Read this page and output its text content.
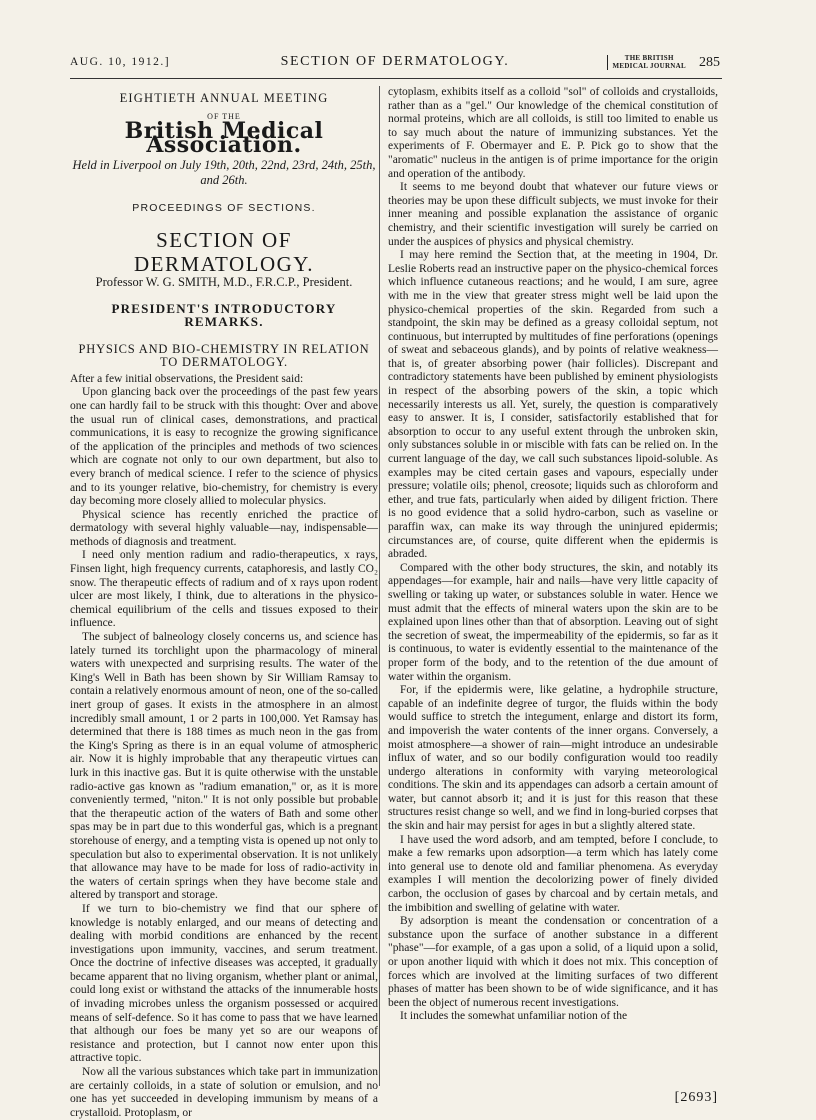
AUG. 10, 1912.]	SECTION OF DERMATOLOGY.	THE BRITISH
MEDICAL JOURNAL 285
EIGHTIETH ANNUAL MEETING
OF THE
British Medical Association.
Held in Liverpool on July 19th, 20th, 22nd, 23rd, 24th, 25th, and 26th.
PROCEEDINGS OF SECTIONS.
SECTION OF DERMATOLOGY.
Professor W. G. SMITH, M.D., F.R.C.P., President.
PRESIDENT'S INTRODUCTORY REMARKS.
PHYSICS AND BIO-CHEMISTRY IN RELATION TO DERMATOLOGY.

After a few initial observations, the President said:

Upon glancing back over the proceedings of the past few years one can hardly fail to be struck with this thought: Over and above the usual run of clinical cases, demonstrations, and practical communications, it is easy to recognize the growing significance of the application of the principles and methods of two sciences which are cognate not only to our own department, but also to every branch of medical science. I refer to the science of physics and to its younger relative, bio-chemistry, for chemistry is every day becoming more closely allied to molecular physics.

Physical science has recently enriched the practice of dermatology with several highly valuable—nay, indispensable—methods of diagnosis and treatment.

I need only mention radium and radio-therapeutics, x rays, Finsen light, high frequency currents, cataphoresis, and lastly CO₂ snow. The therapeutic effects of radium and of x rays upon rodent ulcer are most likely, I think, due to alterations in the physico-chemical equilibrium of the cells and tissues exposed to their influence.

The subject of balneology closely concerns us, and science has lately turned its torchlight upon the pharmacology of mineral waters with unexpected and surprising results. The water of the King's Well in Bath has been shown by Sir William Ramsay to contain a relatively enormous amount of neon, one of the so-called inert group of gases. It exists in the atmosphere in an almost incredibly small amount, 1 or 2 parts in 100,000. Yet Ramsay has determined that there is 188 times as much neon in the gas from the King's Spring as there is in an equal volume of atmospheric air. Now it is highly improbable that any therapeutic virtues can lurk in this inactive gas. But it is quite otherwise with the unstable radio-active gas known as "radium emanation," or, as it is more conveniently termed, "niton." It is not only possible but probable that the therapeutic action of the waters of Bath and some other spas may be in part due to this wonderful gas, which is a pregnant storehouse of energy, and a tempting vista is opened up not only to speculation but also to experimental observation. It is not unlikely that allowance may have to be made for loss of radio-activity in the waters of certain springs when they have become stale and altered by transport and storage.

If we turn to bio-chemistry we find that our sphere of knowledge is notably enlarged, and our means of detecting and dealing with morbid conditions are enhanced by the recent investigations upon immunity, vaccines, and serum treatment. Once the doctrine of infective diseases was accepted, it gradually became apparent that no living organism, whether plant or animal, could long exist or withstand the attacks of the innumerable hosts of invading microbes unless the organism possessed or acquired means of self-defence. So it has come to pass that we have learned that although our foes be many yet so are our weapons of resistance and protection, but I cannot now enter upon this attractive topic.

Now all the various substances which take part in immunization are certainly colloids, in a state of solution or emulsion, and no one has yet succeeded in developing immunism by means of a crystalloid. Protoplasm, or

cytoplasm, exhibits itself as a colloid "sol" of colloids and crystalloids, rather than as a "gel." Our knowledge of the chemical constitution of normal proteins, which are all colloids, is still too limited to enable us to say much about the nature of immunizing substances. Yet the experiments of F. Obermayer and E. P. Pick go to show that the "aromatic" nucleus in the antigen is of prime importance for the origin and operation of the antibody.

It seems to me beyond doubt that whatever our future views or theories may be upon these difficult subjects, we must invoke for their inner meaning and possible explanation the assistance of organic chemistry, and their scientific investigation will surely be carried on under the auspices of physics and physical chemistry.

I may here remind the Section that, at the meeting in 1904, Dr. Leslie Roberts read an instructive paper on the physico-chemical forces which influence cutaneous reactions; and he would, I am sure, agree with me in the view that greater stress might well be laid upon the physico-chemical properties of the skin. Regarded from such a standpoint, the skin may be defined as a greasy colloidal septum, not continuous, but interrupted by multitudes of fine perforations (openings of sweat and sebaceous glands), and by points of relative weakness—that is, of greater absorbing power (hair follicles). Discrepant and contradictory statements have been published by eminent physiologists in respect of the absorbing powers of the skin, a topic which necessarily interests us all. Yet, surely, the question is comparatively easy to answer. It is, I consider, satisfactorily established that for absorption to occur to any useful extent through the unbroken skin, only substances soluble in or miscible with fats can be relied on. In the current language of the day, we call such substances lipoid-soluble. As examples may be cited certain gases and vapours, especially under pressure; volatile oils; phenol, creosote; liquids such as chloroform and ether, and true fats, particularly when aided by diligent friction. There is no good evidence that a solid hydro-carbon, such as vaseline or paraffin wax, can make its way through the uninjured epidermis; circumstances are, of course, quite different when the epidermis is abraded.

Compared with the other body structures, the skin, and notably its appendages—for example, hair and nails—have very little capacity of swelling or taking up water, or substances soluble in water. Hence we must admit that the effects of mineral waters upon the skin are to be explained upon lines other than that of absorption. Leaving out of sight the secretion of sweat, the impermeability of the epidermis, so far as it is continuous, to water is evidently essential to the maintenance of the proper form of the body, and to the retention of the due amount of water within the organism.

For, if the epidermis were, like gelatine, a hydrophile structure, capable of an indefinite degree of turgor, the fluids within the body would suffice to stretch the integument, enlarge and distort its form, and impoverish the water contents of the inner organs. Conversely, a moist atmosphere—a shower of rain—might introduce an undesirable influx of water, and so our bodily configuration would too readily undergo alterations in conformity with varying meteorological conditions. The skin and its appendages can adsorb a certain amount of water, but cannot absorb it; and it is just for this reason that these structures resist change so well, and we find in long-buried corpses that the skin and hair may persist for ages in but a slightly altered state.

I have used the word adsorb, and am tempted, before I conclude, to make a few remarks upon adsorption—a term which has lately come into general use to denote old and familiar phenomena. As everyday examples I will mention the decolorizing power of finely divided carbon, the occlusion of gases by charcoal and by certain metals, and the imbibition and swelling of gelatine with water.

By adsorption is meant the condensation or concentration of a substance upon the surface of another substance in a different "phase"—for example, of a gas upon a solid, of a liquid upon a solid, or upon another liquid with which it does not mix. This conception of forces which are involved at the limiting surfaces of two different phases of matter has been shown to be of wide significance, and it has been the object of numerous recent investigations.

It includes the somewhat unfamiliar notion of the

[2693]
